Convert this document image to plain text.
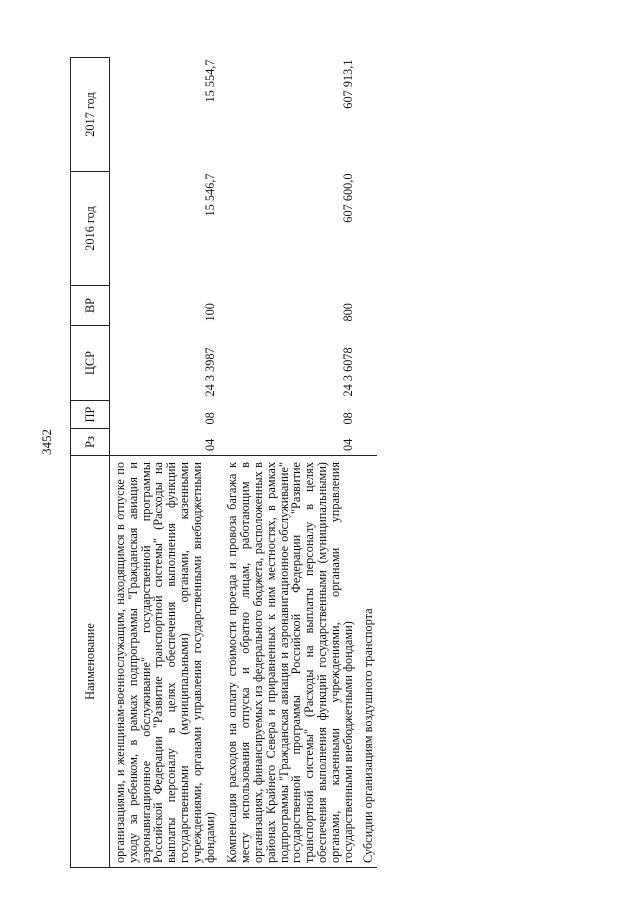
3452
Наименование	Рз	ПР	ЦСР	ВР	2016 год	2017 год
организациями, и женщинам-военнослужащим, находящимся в отпуске по уходу за ребенком, в рамках подпрограммы "Гражданская авиация и аэронавигационное обслуживание" государственной программы Российской Федерации "Развитие транспортной системы" (Расходы на выплаты персоналу в целях обеспечения выполнения функций государственными (муниципальными) органами, казенными учреждениями, органами управления государственными внебюджетными фондами)	04	08	24 3 3987	100	15 546,7	15 554,7
Компенсация расходов на оплату стоимости проезда и провоза багажа к месту использования отпуска и обратно лицам, работающим в организациях, финансируемых из федерального бюджета, расположенных в районах Крайнего Севера и приравненных к ним местностях, в рамках подпрограммы "Гражданская авиация и аэронавигационное обслуживание" государственной программы Российской Федерации "Развитие транспортной системы" (Расходы на выплаты персоналу в целях обеспечения выполнения функций государственными (муниципальными) органами, казенными учреждениями, органами управления государственными внебюджетными фондами)	04	08	24 3 6078	800	607 600,0	607 913,1
Субсидии организациям воздушного транспорта						
